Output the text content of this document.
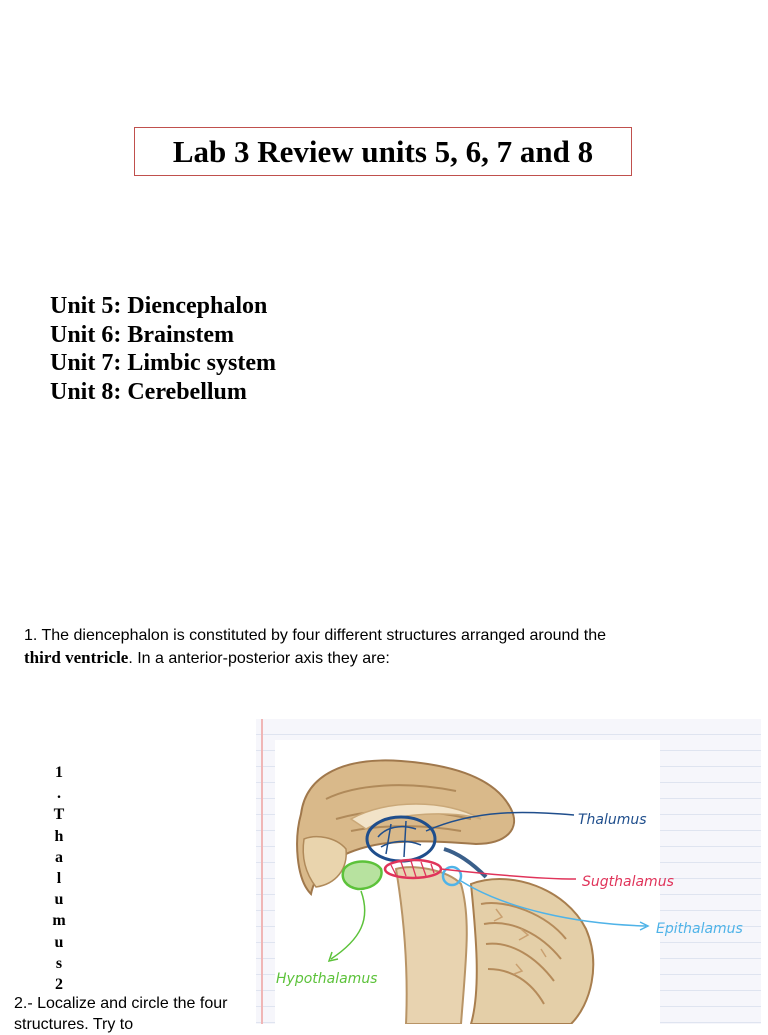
Lab 3 Review units 5, 6, 7 and 8
Unit 5: Diencephalon
Unit 6: Brainstem
Unit 7: Limbic system
Unit 8: Cerebellum
1. The diencephalon is constituted by four different structures arranged around the
third ventricle. In a anterior-posterior axis they are:
1
.
T
h
a
l
u
m
u
s
2
Thalumus
Sugthalamus
Epithalamus
Hypothalamus
2.- Localize and circle the four structures. Try to
